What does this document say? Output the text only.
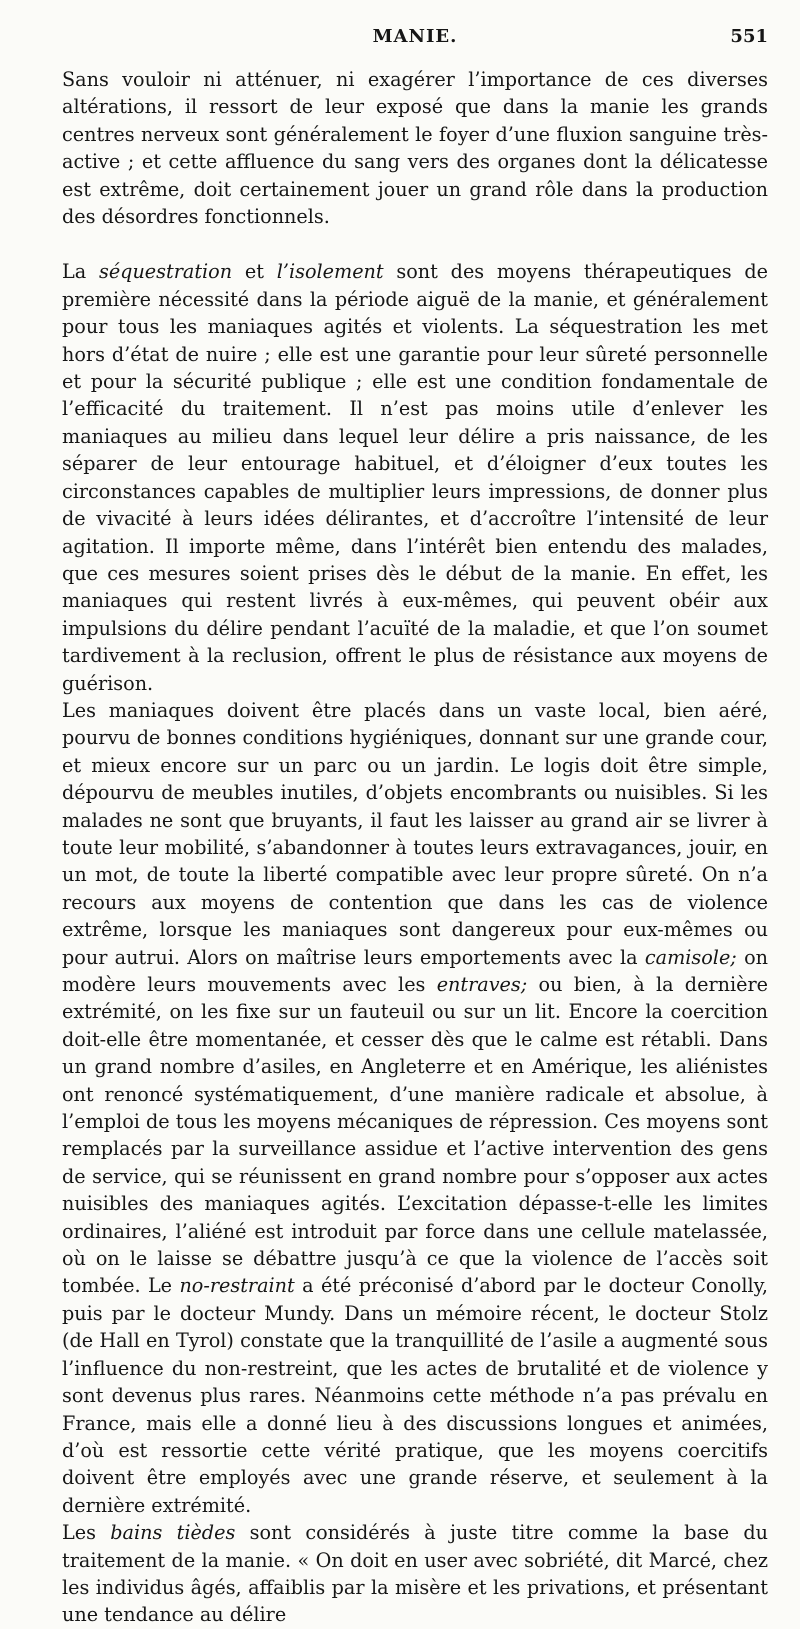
MANIE.	551

Sans vouloir ni atténuer, ni exagérer l’importance de ces diverses altérations, il ressort de leur exposé que dans la manie les grands centres nerveux sont généralement le foyer d’une fluxion sanguine très-active ; et cette affluence du sang vers des organes dont la délicatesse est extrême, doit certainement jouer un grand rôle dans la production des désordres fonctionnels.

La séquestration et l’isolement sont des moyens thérapeutiques de première nécessité dans la période aiguë de la manie, et généralement pour tous les maniaques agités et violents. La séquestration les met hors d’état de nuire ; elle est une garantie pour leur sûreté personnelle et pour la sécurité publique ; elle est une condition fondamentale de l’efficacité du traitement. Il n’est pas moins utile d’enlever les maniaques au milieu dans lequel leur délire a pris naissance, de les séparer de leur entourage habituel, et d’éloigner d’eux toutes les circonstances capables de multiplier leurs impressions, de donner plus de vivacité à leurs idées délirantes, et d’accroître l’intensité de leur agitation. Il importe même, dans l’intérêt bien entendu des malades, que ces mesures soient prises dès le début de la manie. En effet, les maniaques qui restent livrés à eux-mêmes, qui peuvent obéir aux impulsions du délire pendant l’acuïté de la maladie, et que l’on soumet tardivement à la reclusion, offrent le plus de résistance aux moyens de guérison.

Les maniaques doivent être placés dans un vaste local, bien aéré, pourvu de bonnes conditions hygiéniques, donnant sur une grande cour, et mieux encore sur un parc ou un jardin. Le logis doit être simple, dépourvu de meubles inutiles, d’objets encombrants ou nuisibles. Si les malades ne sont que bruyants, il faut les laisser au grand air se livrer à toute leur mobilité, s’abandonner à toutes leurs extravagances, jouir, en un mot, de toute la liberté compatible avec leur propre sûreté. On n’a recours aux moyens de contention que dans les cas de violence extrême, lorsque les maniaques sont dangereux pour eux-mêmes ou pour autrui. Alors on maîtrise leurs emportements avec la camisole; on modère leurs mouvements avec les entraves; ou bien, à la dernière extrémité, on les fixe sur un fauteuil ou sur un lit. Encore la coercition doit-elle être momentanée, et cesser dès que le calme est rétabli. Dans un grand nombre d’asiles, en Angleterre et en Amérique, les aliénistes ont renoncé systématiquement, d’une manière radicale et absolue, à l’emploi de tous les moyens mécaniques de répression. Ces moyens sont remplacés par la surveillance assidue et l’active intervention des gens de service, qui se réunissent en grand nombre pour s’opposer aux actes nuisibles des maniaques agités. L’excitation dépasse-t-elle les limites ordinaires, l’aliéné est introduit par force dans une cellule matelassée, où on le laisse se débattre jusqu’à ce que la violence de l’accès soit tombée. Le no-restraint a été préconisé d’abord par le docteur Conolly, puis par le docteur Mundy. Dans un mémoire récent, le docteur Stolz (de Hall en Tyrol) constate que la tranquillité de l’asile a augmenté sous l’influence du non-restreint, que les actes de brutalité et de violence y sont devenus plus rares. Néanmoins cette méthode n’a pas prévalu en France, mais elle a donné lieu à des discussions longues et animées, d’où est ressortie cette vérité pratique, que les moyens coercitifs doivent être employés avec une grande réserve, et seulement à la dernière extrémité.

Les bains tièdes sont considérés à juste titre comme la base du traitement de la manie. « On doit en user avec sobriété, dit Marcé, chez les individus âgés, affaiblis par la misère et les privations, et présentant une tendance au délire
